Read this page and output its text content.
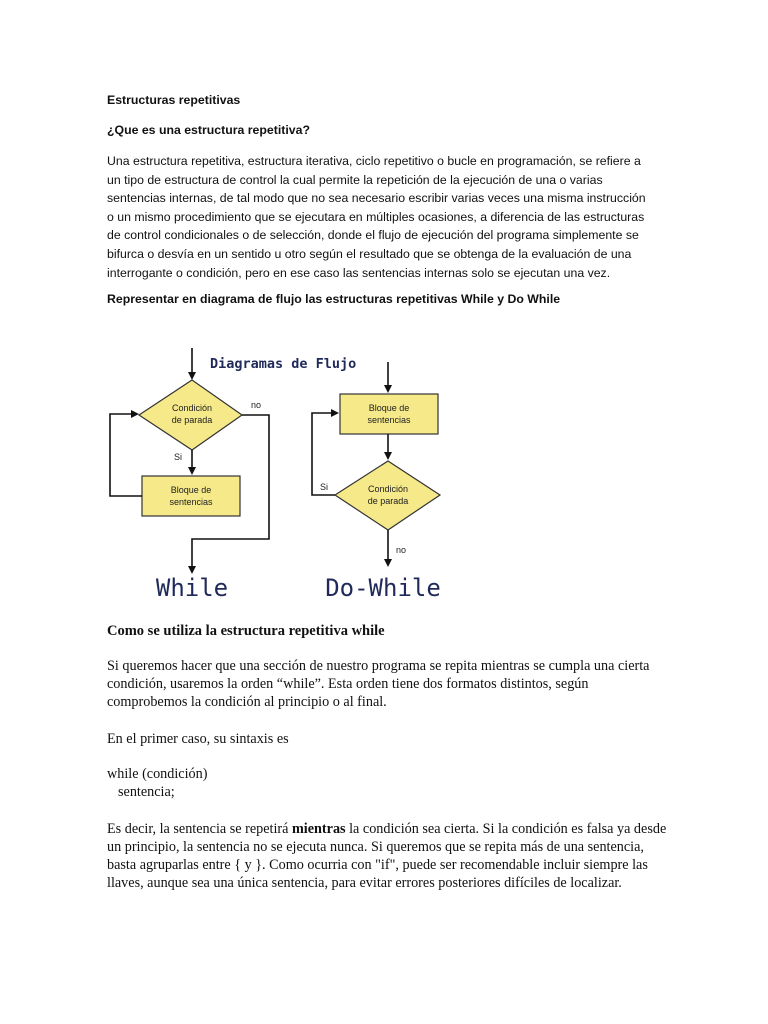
Estructuras repetitivas
¿Que es una estructura repetitiva?
Una estructura repetitiva, estructura iterativa, ciclo repetitivo o bucle en programación, se refiere a un tipo de estructura de control la cual permite la repetición de la ejecución de una o varias sentencias internas, de tal modo que no sea necesario escribir varias veces una misma instrucción o un mismo procedimiento que se ejecutara en múltiples ocasiones, a diferencia de las estructuras de control condicionales o de selección, donde el flujo de ejecución del programa simplemente se bifurca o desvía en un sentido u otro según el resultado que se obtenga de la evaluación de una interrogante o condición, pero en ese caso las sentencias internas solo se ejecutan una vez.
Representar en diagrama de flujo las estructuras repetitivas While y Do While
Diagramas de Flujo
Condición
de parada
Si
Bloque de
sentencias
no
While
Bloque de
sentencias
Condición
de parada
Si
no
Do-While
Como se utiliza la estructura repetitiva while
Si queremos hacer que una sección de nuestro programa se repita mientras se cumpla una cierta condición, usaremos la orden “while”. Esta orden tiene dos formatos distintos, según comprobemos la condición al principio o al final.
En el primer caso, su sintaxis es
while (condición)
sentencia;
Es decir, la sentencia se repetirá mientras la condición sea cierta. Si la condición es falsa ya desde un principio, la sentencia no se ejecuta nunca. Si queremos que se repita más de una sentencia, basta agruparlas entre { y }. Como ocurria con "if", puede ser recomendable incluir siempre las llaves, aunque sea una única sentencia, para evitar errores posteriores difíciles de localizar.
